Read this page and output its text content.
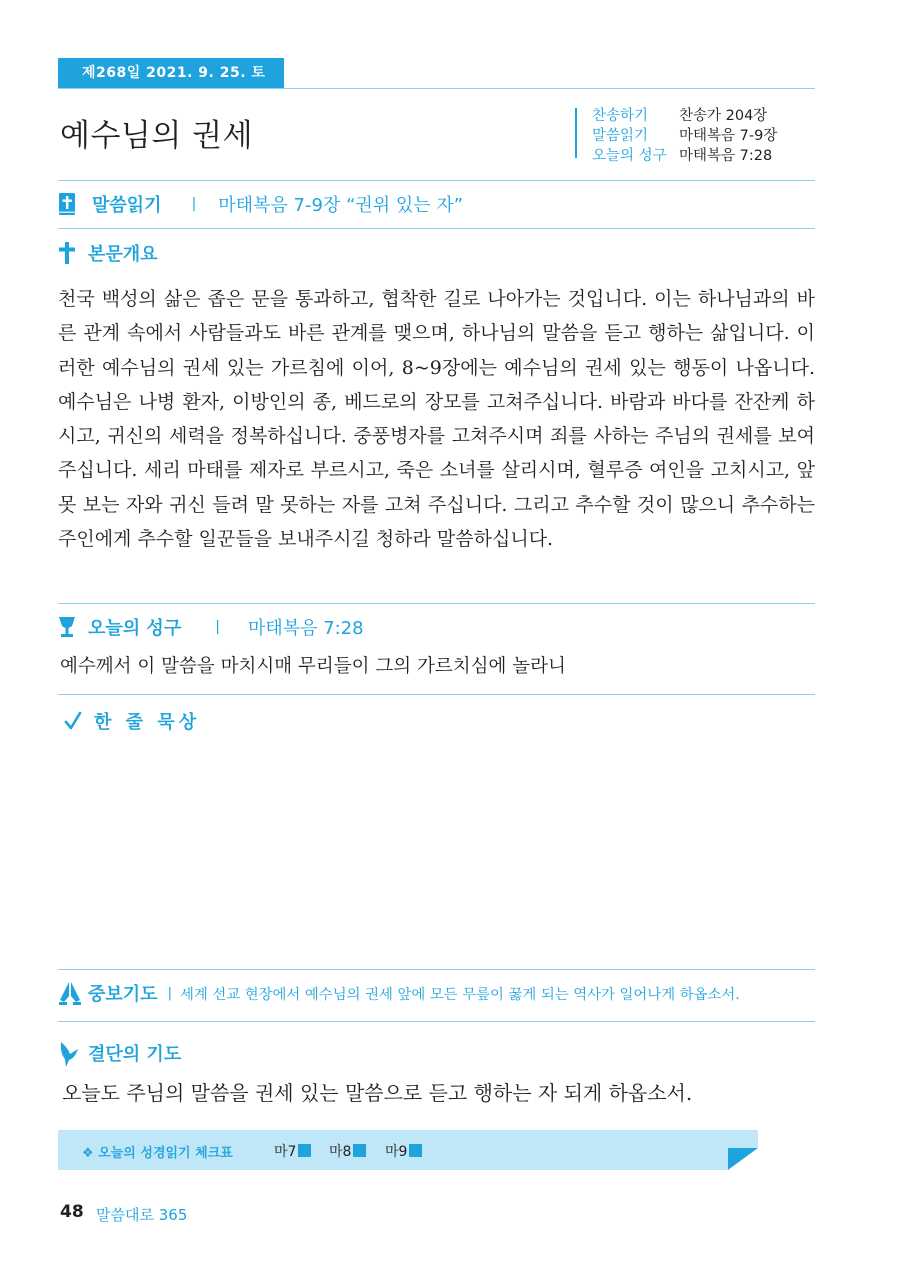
제268일 2021. 9. 25. 토
예수님의 권세
찬송하기	찬송가 204장
말씀읽기	마태복음 7-9장
오늘의 성구 마태복음 7:28
말씀읽기 | 마태복음 7-9장 “권위 있는 자”
본문개요
천국 백성의 삶은 좁은 문을 통과하고, 협착한 길로 나아가는 것입니다. 이는 하나님과의 바른 관계 속에서 사람들과도 바른 관계를 맺으며, 하나님의 말씀을 듣고 행하는 삶입니다. 이러한 예수님의 권세 있는 가르침에 이어, 8~9장에는 예수님의 권세 있는 행동이 나옵니다. 예수님은 나병 환자, 이방인의 종, 베드로의 장모를 고쳐주십니다. 바람과 바다를 잔잔케 하시고, 귀신의 세력을 정복하십니다. 중풍병자를 고쳐주시며 죄를 사하는 주님의 권세를 보여주십니다. 세리 마태를 제자로 부르시고, 죽은 소녀를 살리시며, 혈루증 여인을 고치시고, 앞 못 보는 자와 귀신 들려 말 못하는 자를 고쳐 주십니다. 그리고 추수할 것이 많으니 추수하는 주인에게 추수할 일꾼들을 보내주시길 청하라 말씀하십니다.
오늘의 성구 | 마태복음 7:28
예수께서 이 말씀을 마치시매 무리들이 그의 가르치심에 놀라니
한 줄 묵상
중보기도 | 세계 선교 현장에서 예수님의 권세 앞에 모든 무릎이 꿇게 되는 역사가 일어나게 하옵소서.
결단의 기도
오늘도 주님의 말씀을 권세 있는 말씀으로 듣고 행하는 자 되게 하옵소서.
❖ 오늘의 성경읽기 체크표	마7	마8	마9
48 말씀대로 365
